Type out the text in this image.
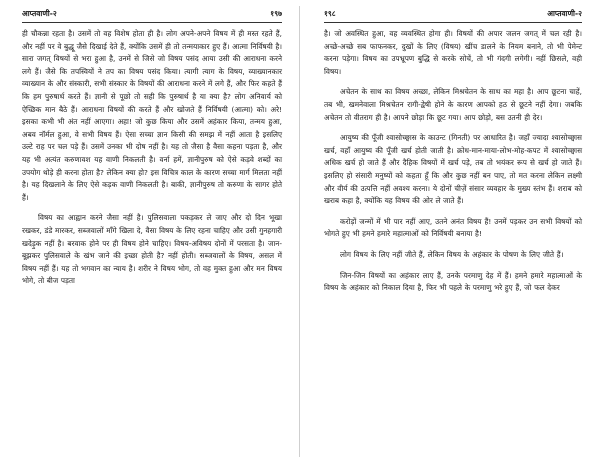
आप्तवाणी-२	१९७

ही चौकन्ना रहता है। उसमें तो वह विशेष होता ही है। लोग अपने-अपने विषय में ही मस्त रहते हैं, और नहीं पर वे बुद्धू जैसे दिखाई देते हैं, क्योंकि उसमें ही तो तन्मयाकार हुए हैं। आत्मा निर्विषयी है। सारा जगत् विषयों से भरा हुआ है, उनमें से जिसे जो विषय पसंद आया उसी की आराधना करने लगे हैं। जैसे कि तपस्वियों ने तप का विषय पसंद किया। त्यागी त्याग के विषय, व्याख्यानकार व्याख्यान के और संस्कारी, सभी संस्कार के विषयों की आराधना करने में लगे हैं, और फिर कहते हैं कि हम पुरुषार्थ करते हैं। ज्ञानी से पूछो तो सही कि पुरुषार्थ है या क्या है? लोग अनिवार्य को ऐच्छिक मान बैठे हैं। आराधना विषयों की करते हैं और खोजते हैं निर्विषयी (आत्मा) को। अरे! इसका कभी भी अंत नहीं आएगा। अहा! जो कुछ किया और उसमें अहंकार किया, तन्मय हुआ, अबव नॉर्मल हुआ, वे सभी विषय हैं। ऐसा सच्चा ज्ञान किसी की समझ में नहीं आता है इसलिए उल्टे राह पर चल पड़े हैं। उसमें उनका भी दोष नहीं है। यह तो जैसा है वैसा कहना पड़ता है, और यह भी अत्यंत करुणावश यह वाणी निकलती है। वर्ना हमें, ज्ञानीपुरुष को ऐसे कड़वे शब्दों का उपयोग थोड़े ही करना होता है? लेकिन क्या हो? इस विचित्र काल के कारण सच्चा मार्ग मिलता नहीं है। यह दिखलाने के लिए ऐसे कड़क वाणी निकलती है। बाकी, ज्ञानीपुरुष तो करुणा के सागर होते हैं।

विषय का आह्वान करने जैसा नहीं है। पुलिसवाला पकड़कर ले जाए और दो दिन भूखा रखकर, डंडे मारकर, सब्जवालों माँगे खिला दे, वैसा विषय के लिए रहना चाहिए और उसी गुनहगारी खदेड़ुक नहीं है। बरवाक होने पर ही विषय होने चाहिए। विषय-अविषय दोनों में परसता है। जान-बूझकर पुलिसवाले के खंभ जाने की इच्छा होती है? नहीं होती। सब्जवालों के विषय, असल में विषय नहीं हैं। यह तो भगवान का न्याय है। शरीर ने विषय भोग, तो वह मुक्त हुआ और मन विषय भोगे, तो बीज पड़ता

१९८	आप्तवाणी-२

है। जो अवस्थित हुआ, वह व्यवस्थित होगा ही। विषयों की अपार जलन जगत् में चल रही है। अच्छे-अच्छे सब फाफनकर, दुखों के लिए (विषय) खींच डालने के नियम बनाने, तो भी पेमेन्ट करना पड़ेगा। विषय का उपभ्रूपण बुद्धि से करके सोचें, तो भी गंदगी लगेगी। नहीं छिसले, वही विषय।

अचेतन के साथ का विषय अच्छा, लेकिन मिश्रचेतन के साथ का महा है। आप छूटना चाहें, तब भी, खमनेवाला मिश्रचेतन रागी-द्वेषी होने के कारण आपको हठ से छूटने नहीं देगा। जबकि अचेतन तो वीतराग ही है। आपने छोड़ा कि छूट गया। आप छोड़ो, बस उतनी ही देर।

आयुष्य की पूँजी श्वासोच्छ्वास के काउन्ट (गिनती) पर आधारित है। जहाँ ज्यादा श्वासोच्छ्वास खर्च, वहाँ आयुष्य की पूँजी खर्च होती जाती है। क्रोध-मान-माया-लोभ-मोह-कपट में श्वासोच्छ्वास अधिक खर्च हो जाते हैं और दैहिक विषयों में खर्च पड़े, तब तो भयंकर रूप से खर्च हो जाते हैं। इसलिए हो संसारी मनुष्यों को कहता हूँ कि और कुछ नहीं बन पाए, तो मत करना लेकिन लक्ष्मी और वीर्य की उत्पत्ति नहीं अवश्य करना। ये दोनों चीज़ें संसार व्यवहार के मुख्य स्तंभ हैं। शराब को खराब कहा है, क्योंकि यह विषय की ओर ले जाते हैं।

करोड़ों जन्मों में भी पार नहीं आए, उतने अनंत विषय हैं! उनमें पड़कर उन सभी विषयों को भोगते हुए भी हमने हमारे महात्माओं को निर्विषयी बनाया है!

लोग विषय के लिए नहीं जीते हैं, लेकिन विषय के अहंकार के पोषण के लिए जीते हैं।

जिन-जिन विषयों का अहंकार लाए हैं, उनके परमाणु देह में हैं। हमने हमारे महात्माओं के विषय के अहंकार को निकाल दिया है, फिर भी पहले के परमाणु भरे हुए हैं, जो फल देकर
